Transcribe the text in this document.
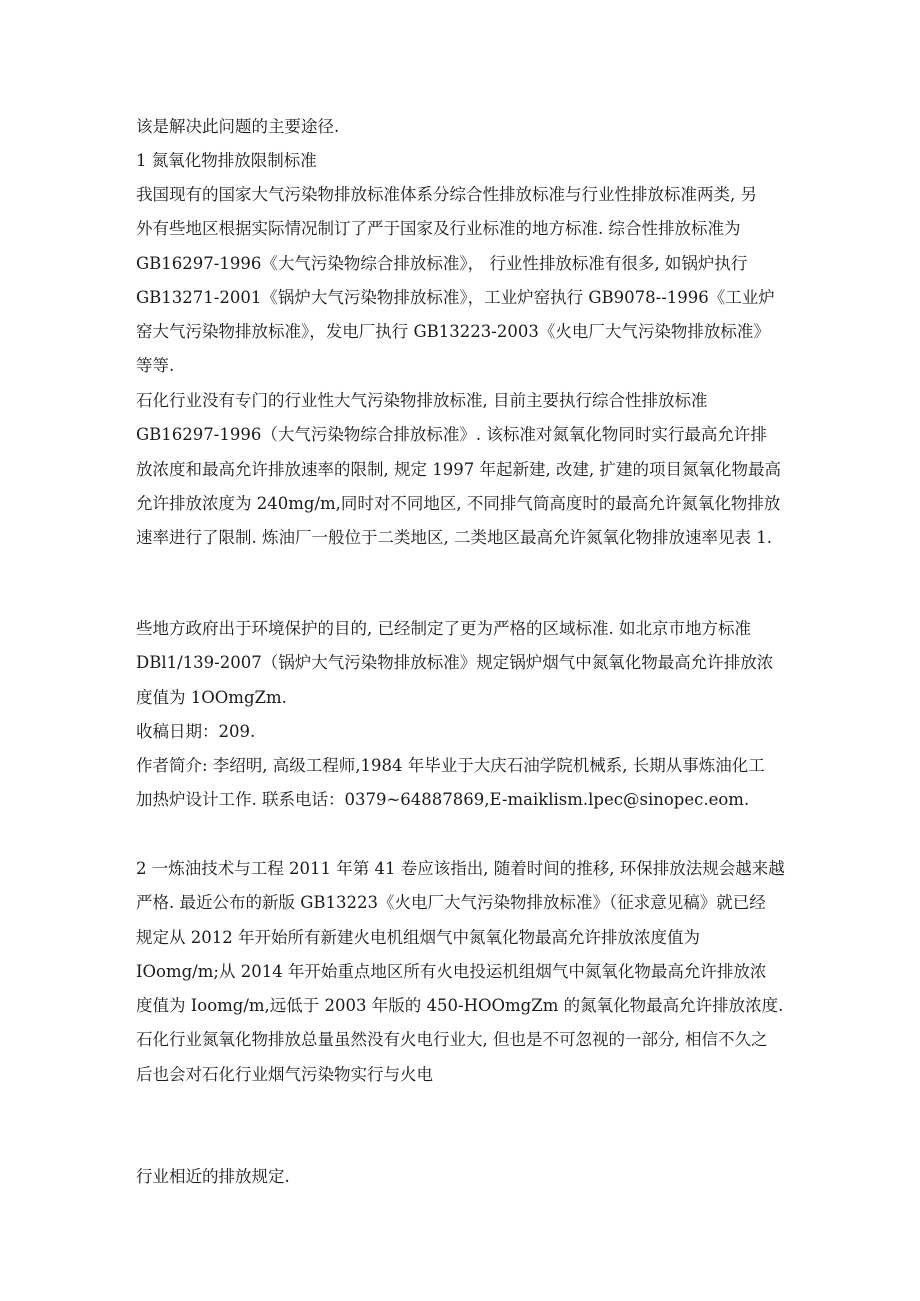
该是解决此问题的主要途径.
1 氮氧化物排放限制标准
我国现有的国家大气污染物排放标准体系分综合性排放标准与行业性排放标准两类, 另
外有些地区根据实际情况制订了严于国家及行业标准的地方标准. 综合性排放标准为
GB16297-1996《大气污染物综合排放标准》， 行业性排放标准有很多, 如锅炉执行
GB13271-2001《锅炉大气污染物排放标准》，工业炉窑执行 GB9078--1996《工业炉
窑大气污染物排放标准》，发电厂执行 GB13223-2003《火电厂大气污染物排放标准》
等等.
石化行业没有专门的行业性大气污染物排放标准, 目前主要执行综合性排放标准
GB16297-1996（大气污染物综合排放标准》. 该标准对氮氧化物同时实行最高允许排
放浓度和最高允许排放速率的限制, 规定 1997 年起新建, 改建, 扩建的项目氮氧化物最高
允许排放浓度为 240mg/m,同时对不同地区, 不同排气筒高度时的最高允许氮氧化物排放
速率进行了限制. 炼油厂一般位于二类地区, 二类地区最高允许氮氧化物排放速率见表 1.
些地方政府出于环境保护的目的, 已经制定了更为严格的区域标准. 如北京市地方标准
DBl1/139-2007（锅炉大气污染物排放标准》规定锅炉烟气中氮氧化物最高允许排放浓
度值为 1OOmgZm.
收稿日期：209.
作者简介: 李绍明, 高级工程师,1984 年毕业于大庆石油学院机械系, 长期从事炼油化工
加热炉设计工作. 联系电话：0379~64887869,E-maiklism.lpec@sinopec.eom.
2 一炼油技术与工程 2011 年第 41 卷应该指出, 随着时间的推移, 环保排放法规会越来越
严格. 最近公布的新版 GB13223《火电厂大气污染物排放标准》（征求意见稿》就已经
规定从 2012 年开始所有新建火电机组烟气中氮氧化物最高允许排放浓度值为
IOomg/m;从 2014 年开始重点地区所有火电投运机组烟气中氮氧化物最高允许排放浓
度值为 Ioomg/m,远低于 2003 年版的 450-HOOmgZm 的氮氧化物最高允许排放浓度.
石化行业氮氧化物排放总量虽然没有火电行业大, 但也是不可忽视的一部分, 相信不久之
后也会对石化行业烟气污染物实行与火电
行业相近的排放规定.
